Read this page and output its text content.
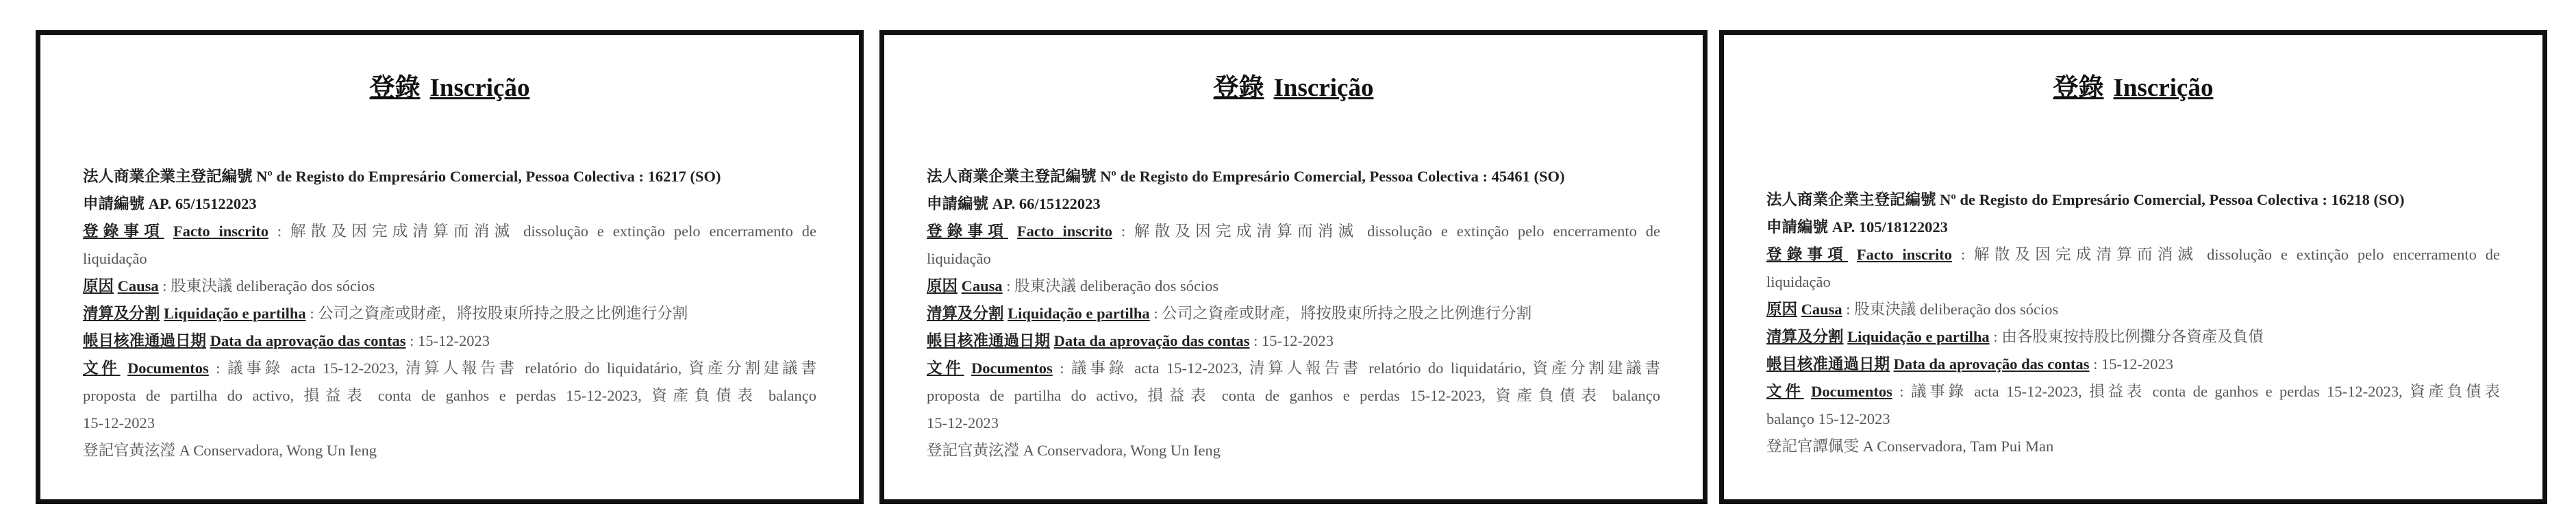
登錄 Inscrição
法人商業企業主登記編號 Nº de Registo do Empresário Comercial, Pessoa Colectiva : 16217 (SO)
申請編號 AP. 65/15122023
登錄事項 Facto inscrito : 解散及因完成清算而消滅 dissolução e extinção pelo encerramento de
liquidação
原因 Causa : 股東決議 deliberação dos sócios
清算及分割 Liquidação e partilha : 公司之資產或財產，將按股東所持之股之比例進行分割
帳目核准通過日期 Data da aprovação das contas : 15-12-2023
文件 Documentos : 議事錄 acta 15-12-2023, 清算人報告書 relatório do liquidatário, 資產分割建議書
proposta de partilha do activo, 損益表 conta de ganhos e perdas 15-12-2023, 資產負債表 balanço
15-12-2023
登記官黃泫瀅 A Conservadora, Wong Un Ieng
登錄 Inscrição
法人商業企業主登記編號 Nº de Registo do Empresário Comercial, Pessoa Colectiva : 45461 (SO)
申請編號 AP. 66/15122023
登錄事項 Facto inscrito : 解散及因完成清算而消滅 dissolução e extinção pelo encerramento de
liquidação
原因 Causa : 股東決議 deliberação dos sócios
清算及分割 Liquidação e partilha : 公司之資產或財產，將按股東所持之股之比例進行分割
帳目核准通過日期 Data da aprovação das contas : 15-12-2023
文件 Documentos : 議事錄 acta 15-12-2023, 清算人報告書 relatório do liquidatário, 資產分割建議書
proposta de partilha do activo, 損益表 conta de ganhos e perdas 15-12-2023, 資產負債表 balanço
15-12-2023
登記官黃泫瀅 A Conservadora, Wong Un Ieng
登錄 Inscrição
法人商業企業主登記編號 Nº de Registo do Empresário Comercial, Pessoa Colectiva : 16218 (SO)
申請編號 AP. 105/18122023
登錄事項 Facto inscrito : 解散及因完成清算而消滅 dissolução e extinção pelo encerramento de
liquidação
原因 Causa : 股東決議 deliberação dos sócios
清算及分割 Liquidação e partilha : 由各股東按持股比例攤分各資產及負債
帳目核准通過日期 Data da aprovação das contas : 15-12-2023
文件 Documentos : 議事錄 acta 15-12-2023, 損益表 conta de ganhos e perdas 15-12-2023, 資產負債表
balanço 15-12-2023
登記官譚佩雯 A Conservadora, Tam Pui Man
